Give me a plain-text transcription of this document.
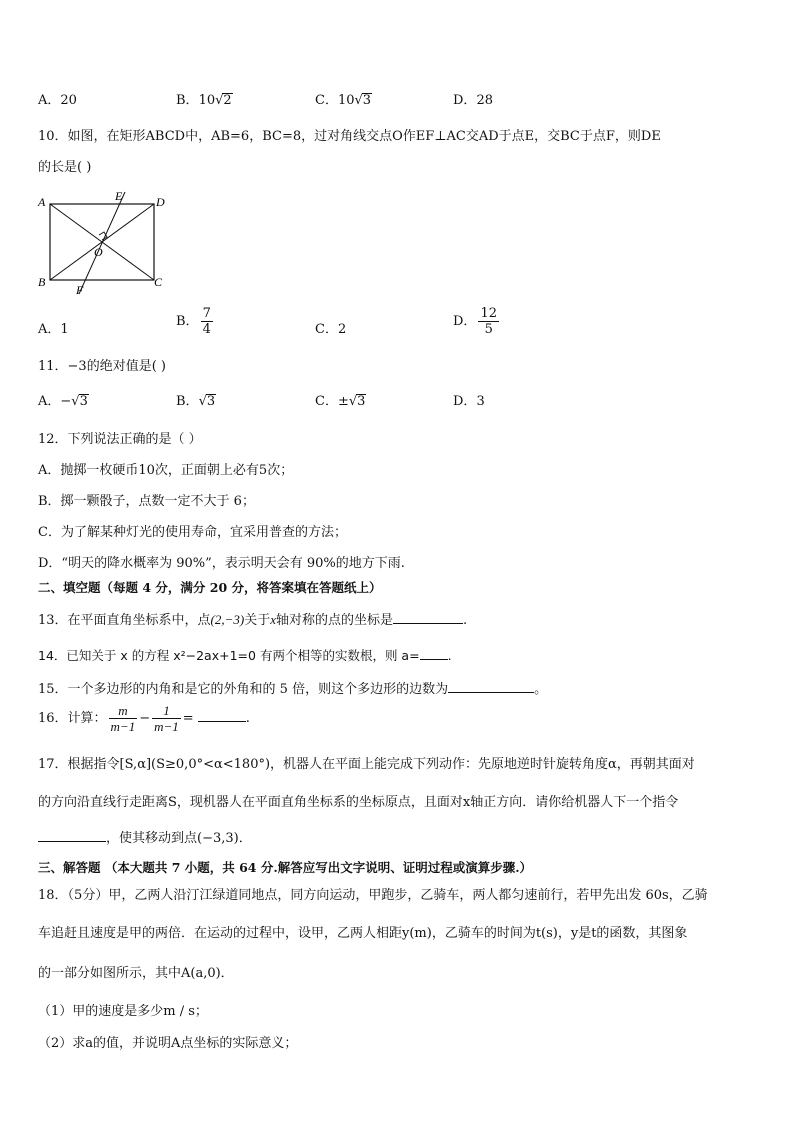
A．20	B．10√2	C．10√3	D．28
10．如图，在矩形ABCD中，AB=6，BC=8，过对角线交点O作EF⊥AC交AD于点E，交BC于点F，则DE
的长是( )
A	D
E
O
B	C
F
A．1
B． $\frac{7}{4}$	C．2
D． $\frac{12}{5}$
11．−3的绝对值是( )
A．−√3	B．√3	C．±√3	D．3
12．下列说法正确的是（ ）
A．抛掷一枚硬币10次，正面朝上必有5次；
B．掷一颗骰子，点数一定不大于 6；
C．为了解某种灯光的使用寿命，宜采用普查的方法；
D．“明天的降水概率为 90%”，表示明天会有 90%的地方下雨.
二、填空题（每题 4 分，满分 20 分，将答案填在答题纸上）
13．在平面直角坐标系中，点(2,−3)关于x轴对称的点的坐标是	.
14．已知关于 x 的方程 x²−2ax+1=0 有两个相等的实数根，则 a= .
15．一个多边形的内角和是它的外角和的 5 倍，则这个多边形的边数为	。
16．计算： $\frac{m}{m-1} - \frac{1}{m-1}$ =	.
17．根据指令[S,α](S≥0,0°<α<180°)，机器人在平面上能完成下列动作：先原地逆时针旋转角度α，再朝其面对
的方向沿直线行走距离S，现机器人在平面直角坐标系的坐标原点，且面对x轴正方向．请你给机器人下一个指令
，使其移动到点(−3,3)．
三、解答题 （本大题共 7 小题，共 64 分.解答应写出文字说明、证明过程或演算步骤.）
18．（5分）甲，乙两人沿汀江绿道同地点，同方向运动，甲跑步，乙骑车，两人都匀速前行，若甲先出发 60s，乙骑
车追赶且速度是甲的两倍．在运动的过程中，设甲，乙两人相距y(m)，乙骑车的时间为t(s)，y是t的函数，其图象
的一部分如图所示，其中A(a,0)．
（1）甲的速度是多少m / s；
（2）求a的值，并说明A点坐标的实际意义；
